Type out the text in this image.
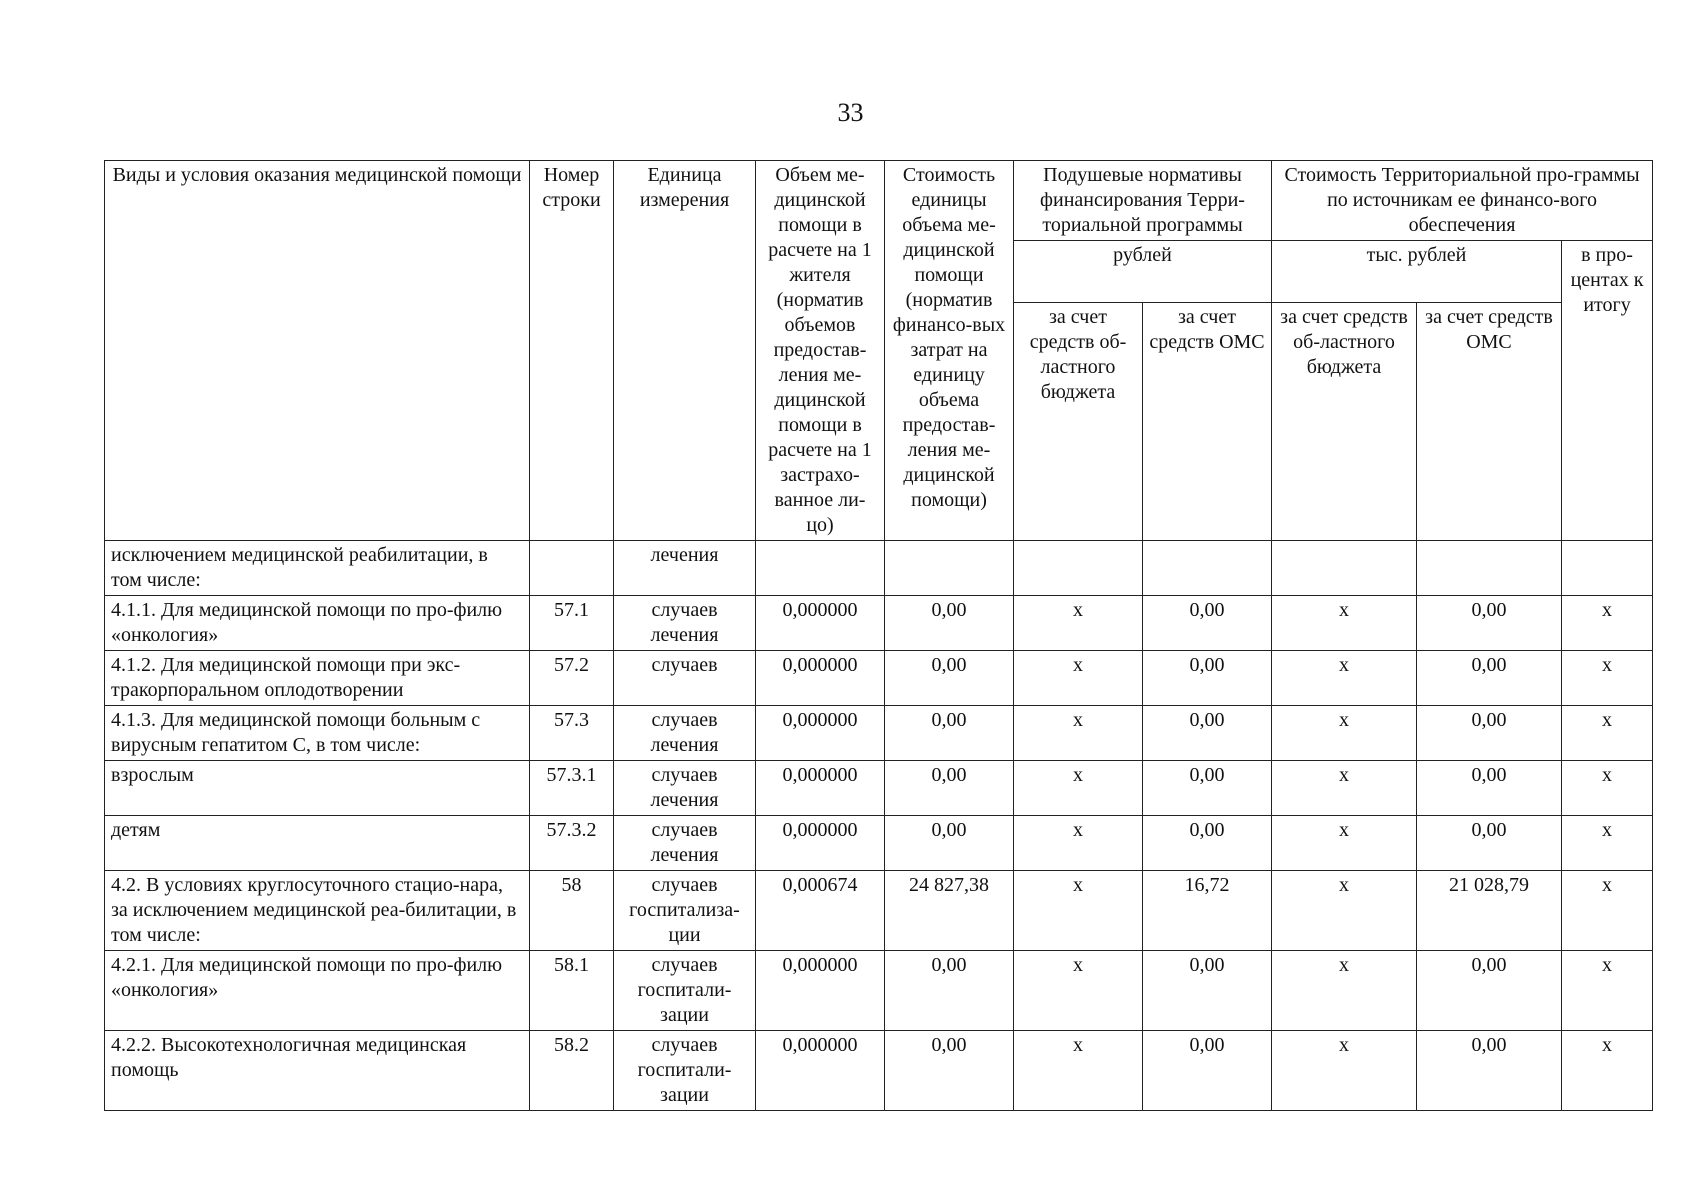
33
Виды и условия оказания медицинской помощи	Номер строки	Единица измерения	Объем ме-дицинской помощи в расчете на 1 жителя (норматив объемов предостав-ления ме-дицинской помощи в расчете на 1 застрахо-ванное ли-цо)	Стоимость единицы объема ме-дицинской помощи (норматив финансо-вых затрат на единицу объема предостав-ления ме-дицинской помощи)	Подушевые нормативы финансирования Терри-ториальной программы		Стоимость Территориальной про-граммы по источникам ее финансо-вого обеспечения		
					рублей		тыс. рублей		в про-центах к итогу
					за счет средств об-ластного бюджета	за счет средств ОМС	за счет средств об-ластного бюджета	за счет средств ОМС	
исключением медицинской реабилитации, в том числе:		лечения							
4.1.1. Для медицинской помощи по про-филю «онкология»	57.1	случаев лечения	0,000000	0,00	х	0,00	х	0,00	х
4.1.2. Для медицинской помощи при экс-тракорпоральном оплодотворении	57.2	случаев	0,000000	0,00	х	0,00	х	0,00	х
4.1.3. Для медицинской помощи больным с вирусным гепатитом С, в том числе:	57.3	случаев лечения	0,000000	0,00	х	0,00	х	0,00	х
взрослым	57.3.1	случаев лечения	0,000000	0,00	х	0,00	х	0,00	х
детям	57.3.2	случаев лечения	0,000000	0,00	х	0,00	х	0,00	х
4.2. В условиях круглосуточного стацио-нара, за исключением медицинской реа-билитации, в том числе:	58	случаев госпитализа-ции	0,000674	24 827,38	х	16,72	х	21 028,79	х
4.2.1. Для медицинской помощи по про-филю «онкология»	58.1	случаев госпитали-зации	0,000000	0,00	х	0,00	х	0,00	х
4.2.2. Высокотехнологичная медицинская помощь	58.2	случаев госпитали-зации	0,000000	0,00	х	0,00	х	0,00	х
